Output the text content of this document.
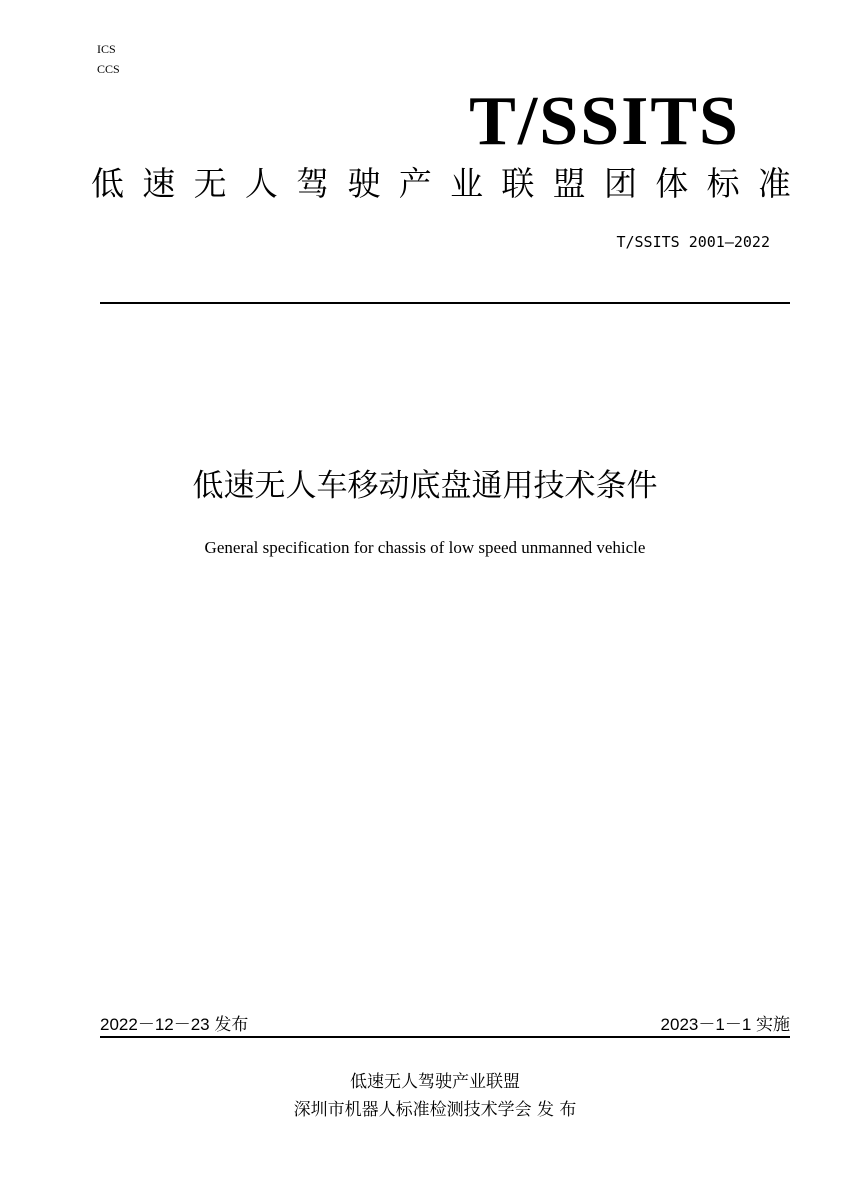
ICS
CCS
T/SSITS
低 速 无 人 驾 驶 产 业 联 盟 团 体 标 准
T/SSITS 2001—2022
低速无人车移动底盘通用技术条件
General specification for chassis of low speed unmanned vehicle
2022－12－23 发布	2023－1－1 实施
低速无人驾驶产业联盟
深圳市机器人标准检测技术学会 发 布
